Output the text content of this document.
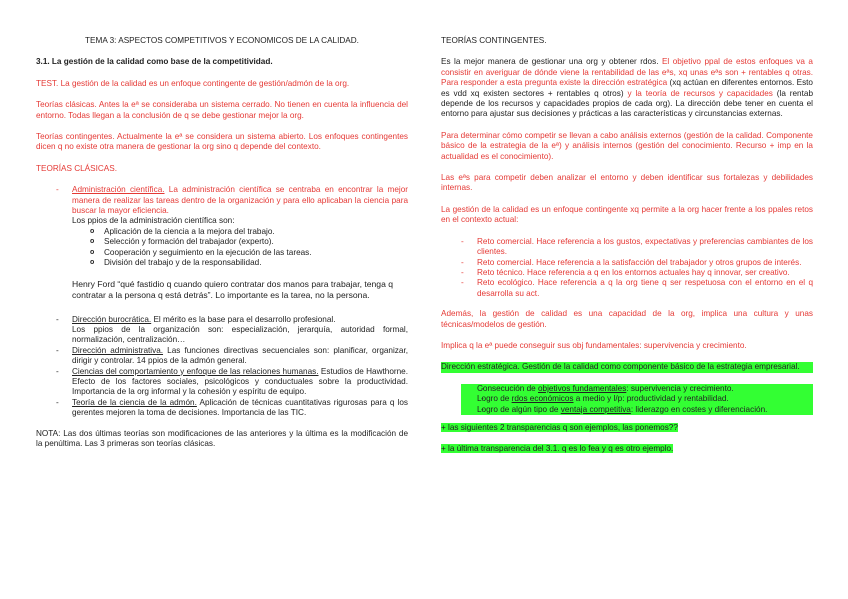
TEMA 3: ASPECTOS COMPETITIVOS Y ECONOMICOS DE LA CALIDAD.

3.1. La gestión de la calidad como base de la competitividad.

TEST. La gestión de la calidad es un enfoque contingente de gestión/admón de la org.

Teorías clásicas. Antes la eª se consideraba un sistema cerrado. No tienen en cuenta la influencia del entorno. Todas llegan a la conclusión de q se debe gestionar mejor la org.

Teorías contingentes. Actualmente la eª se considera un sistema abierto. Los enfoques contingentes dicen q no existe otra manera de gestionar la org sino q depende del contexto.

TEORÍAS CLÁSICAS.

- Administración científica. La administración científica se centraba en encontrar la mejor manera de realizar las tareas dentro de la organización y para ello aplicaban la ciencia para buscar la mayor eficiencia.

Los ppios de la administración científica son:

o Aplicación de la ciencia a la mejora del trabajo.
o Selección y formación del trabajador (experto).
o Cooperación y seguimiento en la ejecución de las tareas.
o División del trabajo y de la responsabilidad.

Henry Ford “qué fastidio q cuando quiero contratar dos manos para trabajar, tenga q contratar a la persona q está detrás”. Lo importante es la tarea, no la persona.

- Dirección burocrática. El mérito es la base para el desarrollo profesional.
Los ppios de la organización son: especialización, jerarquía, autoridad formal, normalización, centralización…
- Dirección administrativa. Las funciones directivas secuenciales son: planificar, organizar, dirigir y controlar. 14 ppios de la admón general.
- Ciencias del comportamiento y enfoque de las relaciones humanas. Estudios de Hawthorne. Efecto de los factores sociales, psicológicos y conductuales sobre la productividad. Importancia de la org informal y la cohesión y espíritu de equipo.
- Teoría de la ciencia de la admón. Aplicación de técnicas cuantitativas rigurosas para q los gerentes mejoren la toma de decisiones. Importancia de las TIC.

NOTA: Las dos últimas teorías son modificaciones de las anteriores y la última es la modificación de la penúltima. Las 3 primeras son teorías clásicas.

TEORÍAS CONTINGENTES.

Es la mejor manera de gestionar una org y obtener rdos. El objetivo ppal de estos enfoques va a consistir en averiguar de dónde viene la rentabilidad de las eªs, xq unas eªs son + rentables q otras. Para responder a esta pregunta existe la dirección estratégica (xq actúan en diferentes entornos. Esto es vdd xq existen sectores + rentables q otros) y la teoría de recursos y capacidades (la rentab depende de los recursos y capacidades propios de cada org). La dirección debe tener en cuenta el entorno para ajustar sus decisiones y prácticas a las características y circunstancias externas.

Para determinar cómo competir se llevan a cabo análisis externos (gestión de la calidad. Componente básico de la estrategia de la eª) y análisis internos (gestión del conocimiento. Recurso + imp en la actualidad es el conocimiento).

Las eªs para competir deben analizar el entorno y deben identificar sus fortalezas y debilidades internas.

La gestión de la calidad es un enfoque contingente xq permite a la org hacer frente a los ppales retos en el contexto actual:

- Reto comercial. Hace referencia a los gustos, expectativas y preferencias cambiantes de los clientes.
- Reto comercial. Hace referencia a la satisfacción del trabajador y otros grupos de interés.
- Reto técnico. Hace referencia a q en los entornos actuales hay q innovar, ser creativo.
- Reto ecológico. Hace referencia a q la org tiene q ser respetuosa con el entorno en el q desarrolla su act.

Además, la gestión de calidad es una capacidad de la org, implica una cultura y unas técnicas/modelos de gestión.

Implica q la eª puede conseguir sus obj fundamentales: supervivencia y crecimiento.

Dirección estratégica. Gestión de la calidad como componente básico de la estrategia empresarial.

- Consecución de objetivos fundamentales: supervivencia y crecimiento.
- Logro de rdos económicos a medio y l/p: productividad y rentabilidad.
- Logro de algún tipo de ventaja competitiva: liderazgo en costes y diferenciación.

+ las siguientes 2 transparencias q son ejemplos, las ponemos??

+ la última transparencia del 3.1. q es lo fea y q es otro ejemplo.
